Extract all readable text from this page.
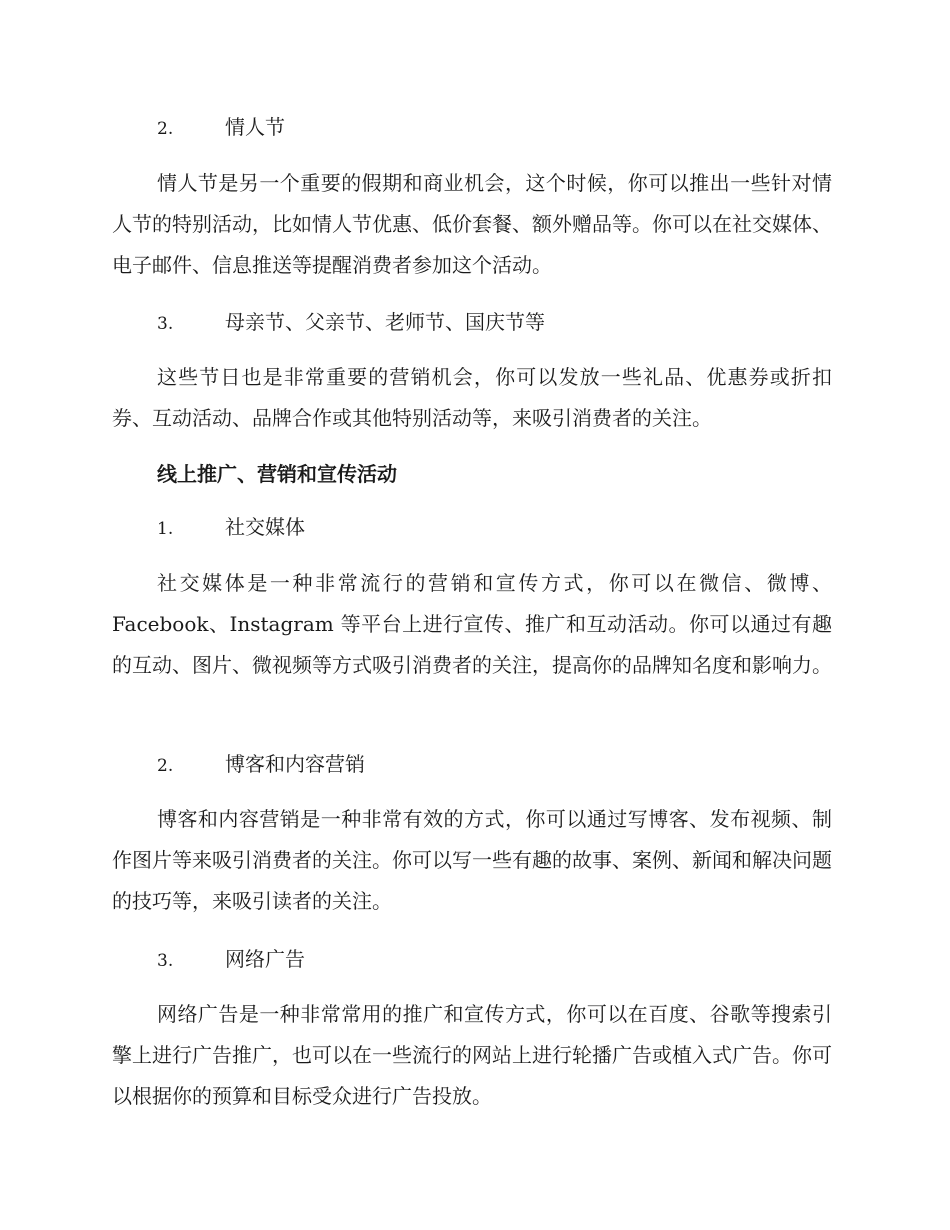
2.	情人节
情人节是另一个重要的假期和商业机会，这个时候，你可以推出一些针对情人节的特别活动，比如情人节优惠、低价套餐、额外赠品等。你可以在社交媒体、电子邮件、信息推送等提醒消费者参加这个活动。
3.	母亲节、父亲节、老师节、国庆节等
这些节日也是非常重要的营销机会，你可以发放一些礼品、优惠券或折扣券、互动活动、品牌合作或其他特别活动等，来吸引消费者的关注。
线上推广、营销和宣传活动
1.	社交媒体
社交媒体是一种非常流行的营销和宣传方式，你可以在微信、微博、Facebook、Instagram 等平台上进行宣传、推广和互动活动。你可以通过有趣的互动、图片、微视频等方式吸引消费者的关注，提高你的品牌知名度和影响力。
2.	博客和内容营销
博客和内容营销是一种非常有效的方式，你可以通过写博客、发布视频、制作图片等来吸引消费者的关注。你可以写一些有趣的故事、案例、新闻和解决问题的技巧等，来吸引读者的关注。
3.	网络广告
网络广告是一种非常常用的推广和宣传方式，你可以在百度、谷歌等搜索引擎上进行广告推广，也可以在一些流行的网站上进行轮播广告或植入式广告。你可以根据你的预算和目标受众进行广告投放。
